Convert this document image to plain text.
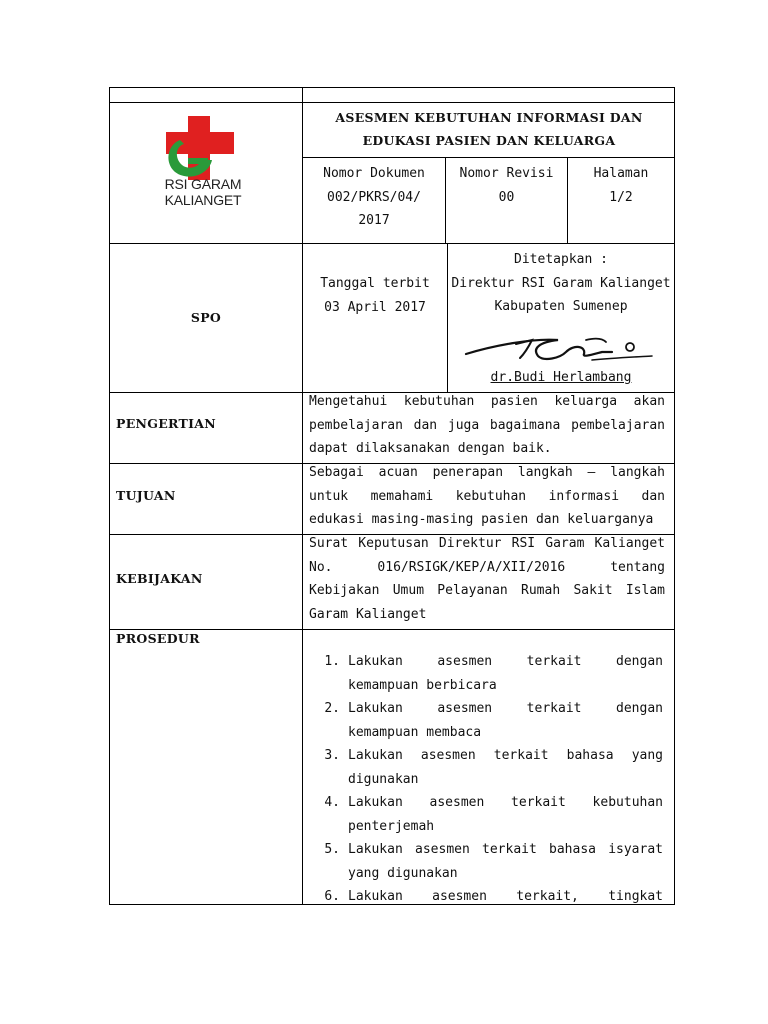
RSI GARAM KALIANGET
ASESMEN KEBUTUHAN INFORMASI DAN
EDUKASI PASIEN DAN KELUARGA
Nomor Dokumen
002/PKRS/04/
2017
Nomor Revisi
00
Halaman
1/2
SPO
Tanggal terbit
03 April 2017
Ditetapkan :
Direktur RSI Garam Kalianget
Kabupaten Sumenep
dr.Budi Herlambang
PENGERTIAN
Mengetahui kebutuhan pasien keluarga akan pembelajaran dan juga bagaimana pembelajaran dapat dilaksanakan dengan baik.
TUJUAN
Sebagai acuan penerapan langkah – langkah untuk memahami kebutuhan informasi dan edukasi masing-masing pasien dan keluarganya
KEBIJAKAN
Surat Keputusan Direktur RSI Garam Kalianget No. 016/RSIGK/KEP/A/XII/2016 tentang Kebijakan Umum Pelayanan Rumah Sakit Islam Garam Kalianget
PROSEDUR
1. Lakukan asesmen terkait dengan
kemampuan berbicara
2. Lakukan asesmen terkait dengan
kemampuan membaca
3. Lakukan asesmen terkait bahasa yang
digunakan
4. Lakukan asesmen terkait kebutuhan
penterjemah
5. Lakukan asesmen terkait bahasa isyarat
yang digunakan
6. Lakukan asesmen terkait, tingkat
